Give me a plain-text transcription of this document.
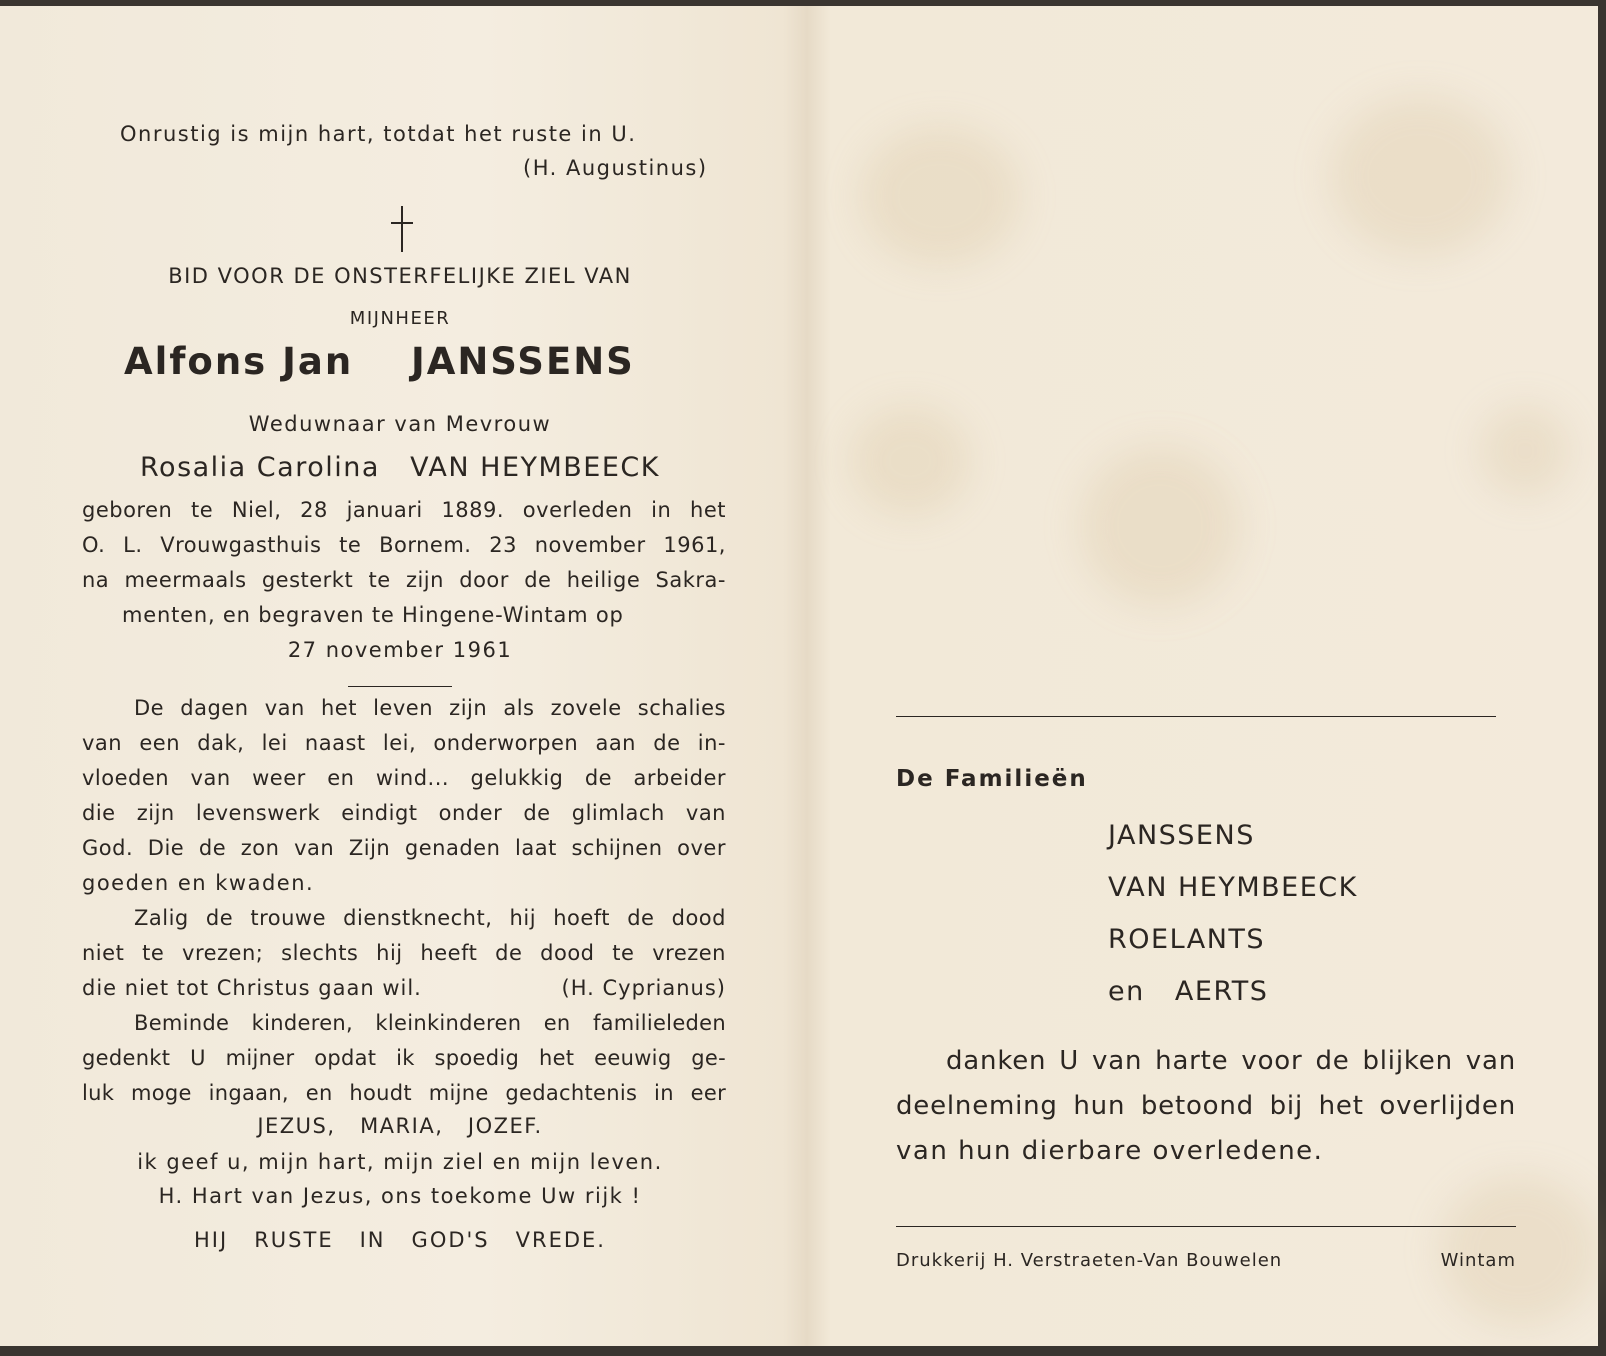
Onrustig is mijn hart, totdat het ruste in U.
(H. Augustinus)
BID VOOR DE ONSTERFELIJKE ZIEL VAN
MIJNHEER
Alfons Jan JANSSENS
Weduwnaar van Mevrouw
Rosalia Carolina   VAN HEYMBEECK
geboren te Niel, 28 januari 1889. overleden in het
O. L. Vrouwgasthuis te Bornem. 23 november 1961,
na meermaals gesterkt te zijn door de heilige Sakra-
menten, en begraven te Hingene-Wintam op
27 november 1961
De dagen van het leven zijn als zovele schalies
van een dak, lei naast lei, onderworpen aan de in-
vloeden van weer en wind... gelukkig de arbeider
die zijn levenswerk eindigt onder de glimlach van
God. Die de zon van Zijn genaden laat schijnen over
goeden en kwaden.
Zalig de trouwe dienstknecht, hij hoeft de dood
niet te vrezen; slechts hij heeft de dood te vrezen
die niet tot Christus gaan wil.	(H. Cyprianus)
Beminde kinderen, kleinkinderen en familieleden
gedenkt U mijner opdat ik spoedig het eeuwig ge-
luk moge ingaan, en houdt mijne gedachtenis in eer
JEZUS,   MARIA,   JOZEF.
ik geef u, mijn hart, mijn ziel en mijn leven.
H. Hart van Jezus, ons toekome Uw rijk !
HIJ   RUSTE   IN   GOD'S   VREDE.
De Familieën
JANSSENS
VAN HEYMBEECK
ROELANTS
en AERTS
danken U van harte voor de blijken van
deelneming hun betoond bij het overlijden
van hun dierbare overledene.
Drukkerij H. Verstraeten-Van Bouwelen	Wintam
